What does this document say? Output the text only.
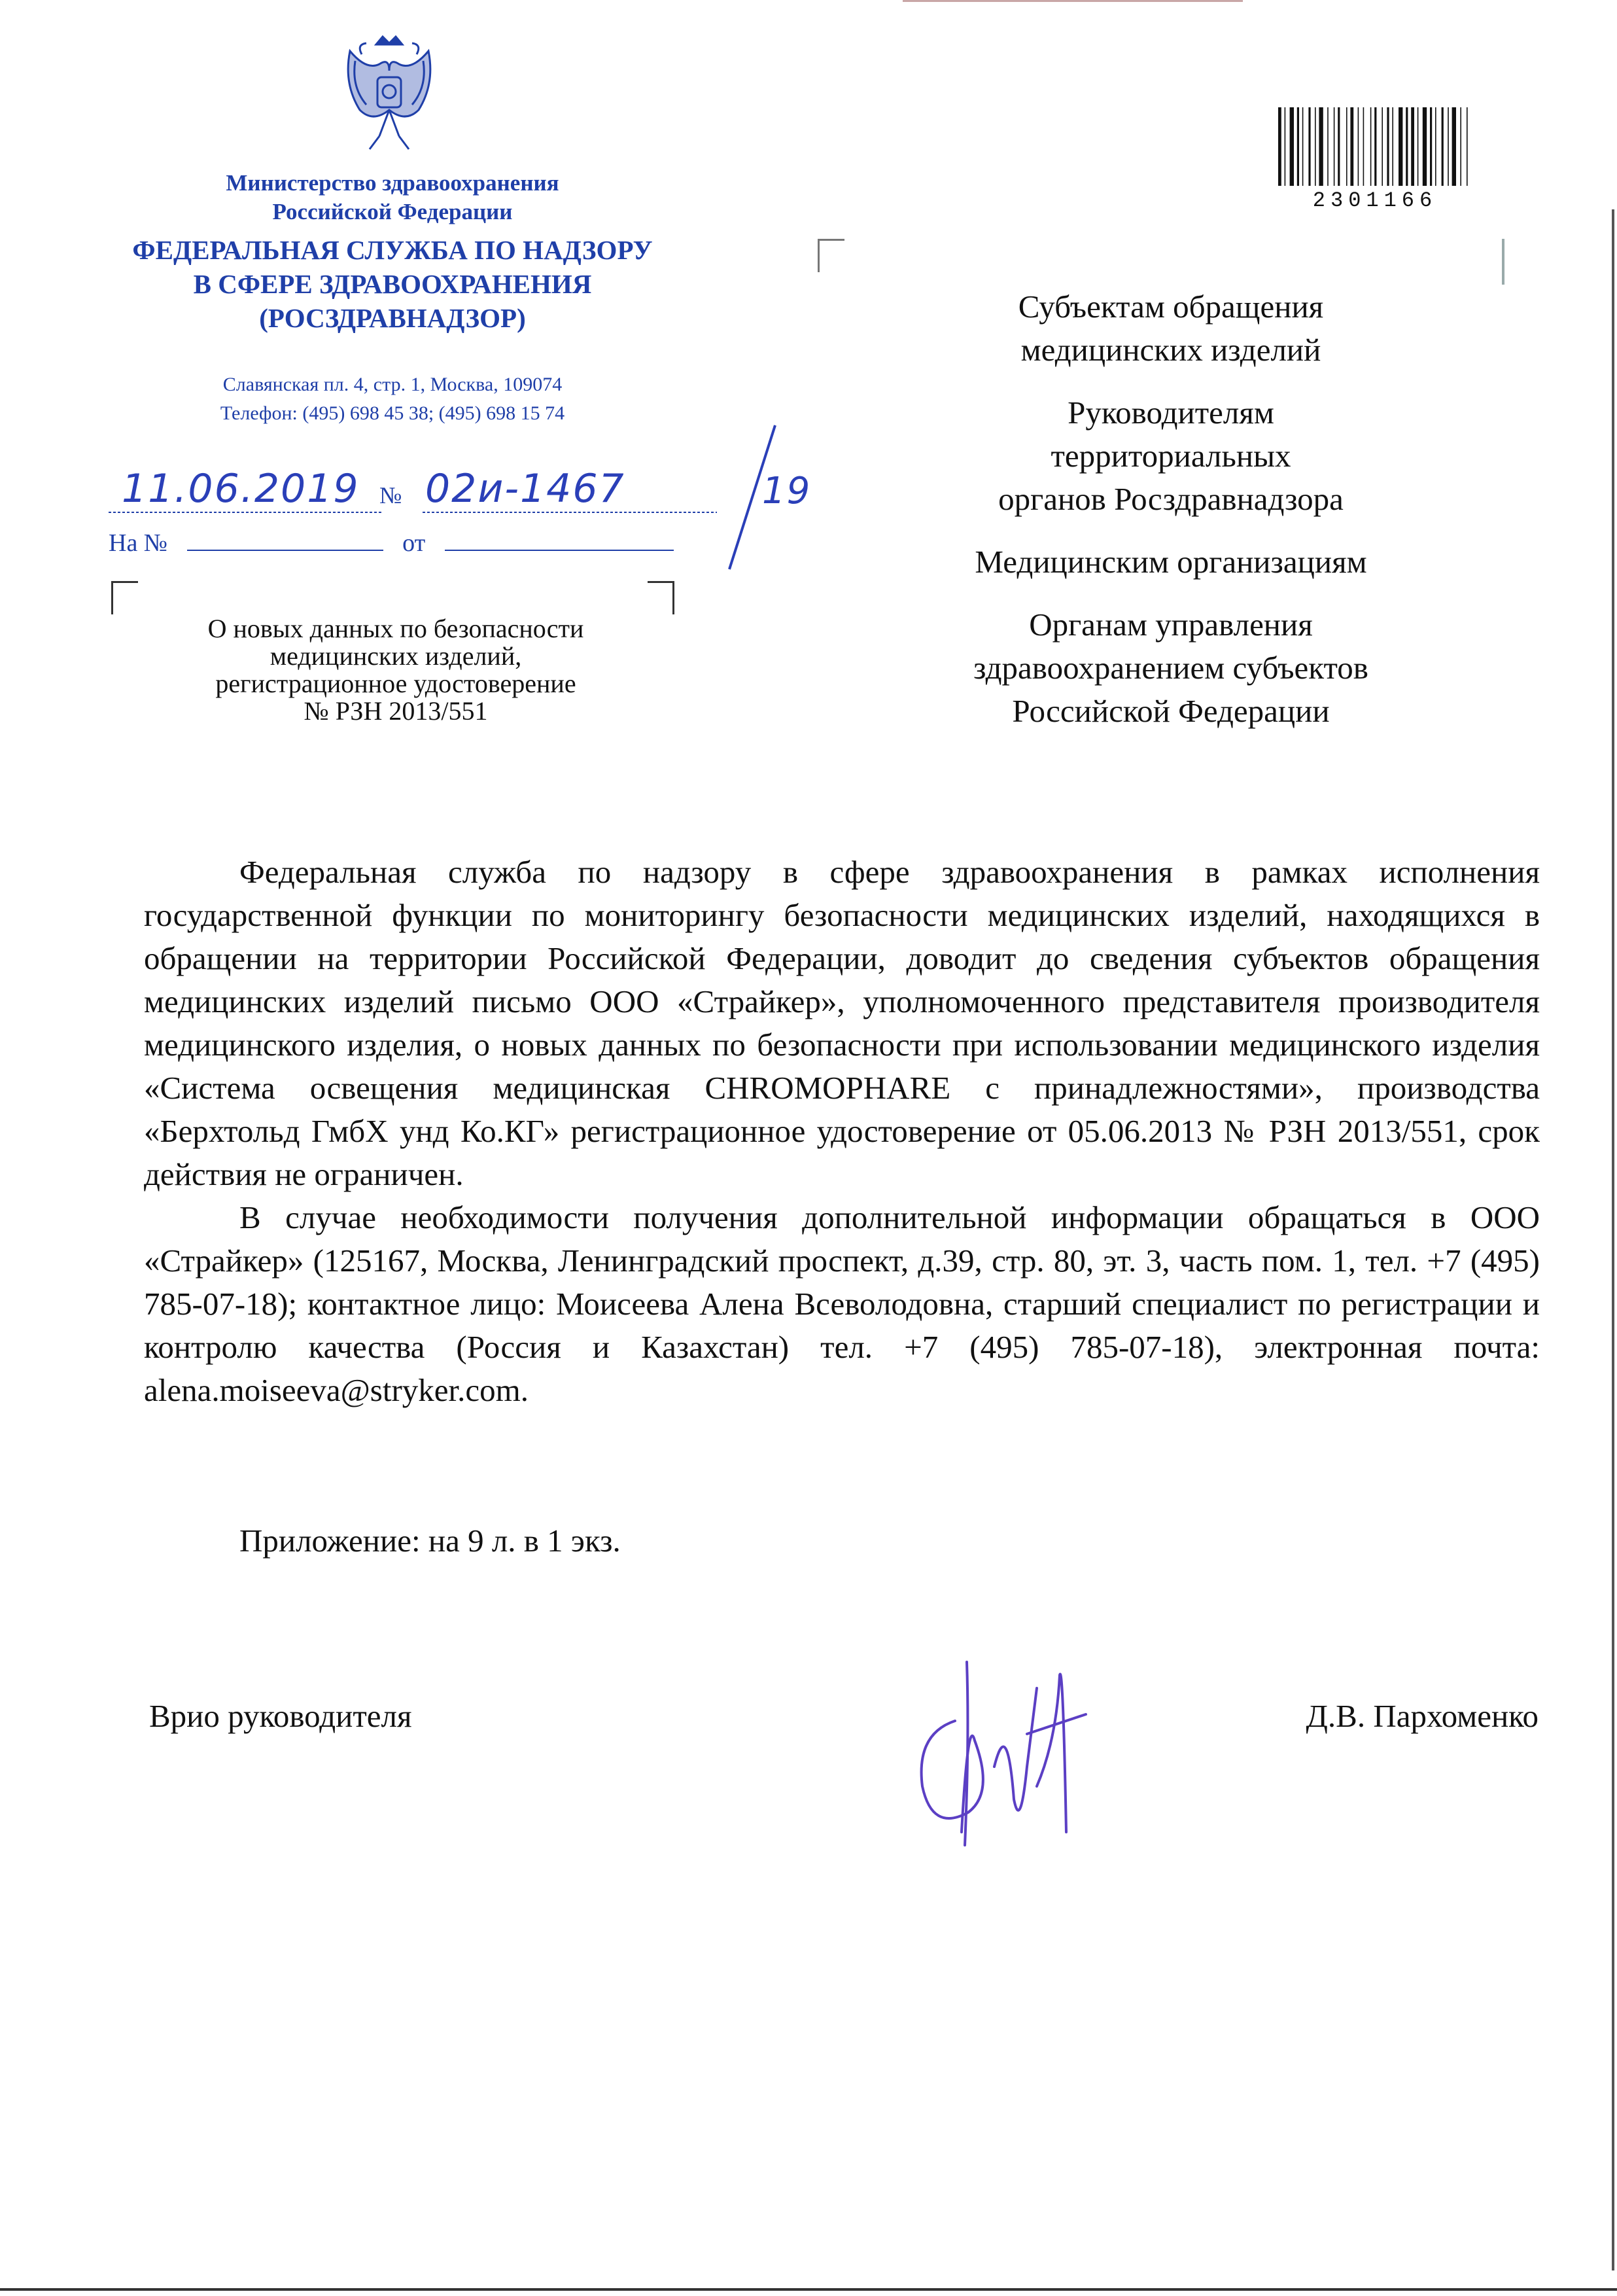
Министерство здравоохранения
Российской Федерации
ФЕДЕРАЛЬНАЯ СЛУЖБА ПО НАДЗОРУ
В СФЕРЕ ЗДРАВООХРАНЕНИЯ
(РОСЗДРАВНАДЗОР)
Славянская пл. 4, стр. 1, Москва, 109074
Телефон: (495) 698 45 38; (495) 698 15 74
11.06.2019 № 02и-1467	19
На №	от
О новых данных по безопасности
медицинских изделий,
регистрационное удостоверение
№ РЗН 2013/551
2301166
Субъектам обращения
медицинских изделий
Руководителям
территориальных
органов Росздравнадзора
Медицинским организациям
Органам управления
здравоохранением субъектов
Российской Федерации

Федеральная служба по надзору в сфере здравоохранения в рамках исполнения государственной функции по мониторингу безопасности медицинских изделий, находящихся в обращении на территории Российской Федерации, доводит до сведения субъектов обращения медицинских изделий письмо ООО «Страйкер», уполномоченного представителя производителя медицинского изделия, о новых данных по безопасности при использовании медицинского изделия «Система освещения медицинская CHROMOPHARE с принадлежностями», производства «Берхтольд ГмбХ унд Ко.КГ» регистрационное удостоверение от 05.06.2013 № РЗН 2013/551, срок действия не ограничен.

В случае необходимости получения дополнительной информации обращаться в ООО «Страйкер» (125167, Москва, Ленинградский проспект, д.39, стр. 80, эт. 3, часть пом. 1, тел. +7 (495) 785-07-18); контактное лицо: Моисеева Алена Всеволодовна, старший специалист по регистрации и контролю качества (Россия и Казахстан) тел. +7 (495) 785-07-18), электронная почта: alena.moiseeva@stryker.com.

Приложение: на 9 л. в 1 экз.
Врио руководителя	Д.В. Пархоменко
